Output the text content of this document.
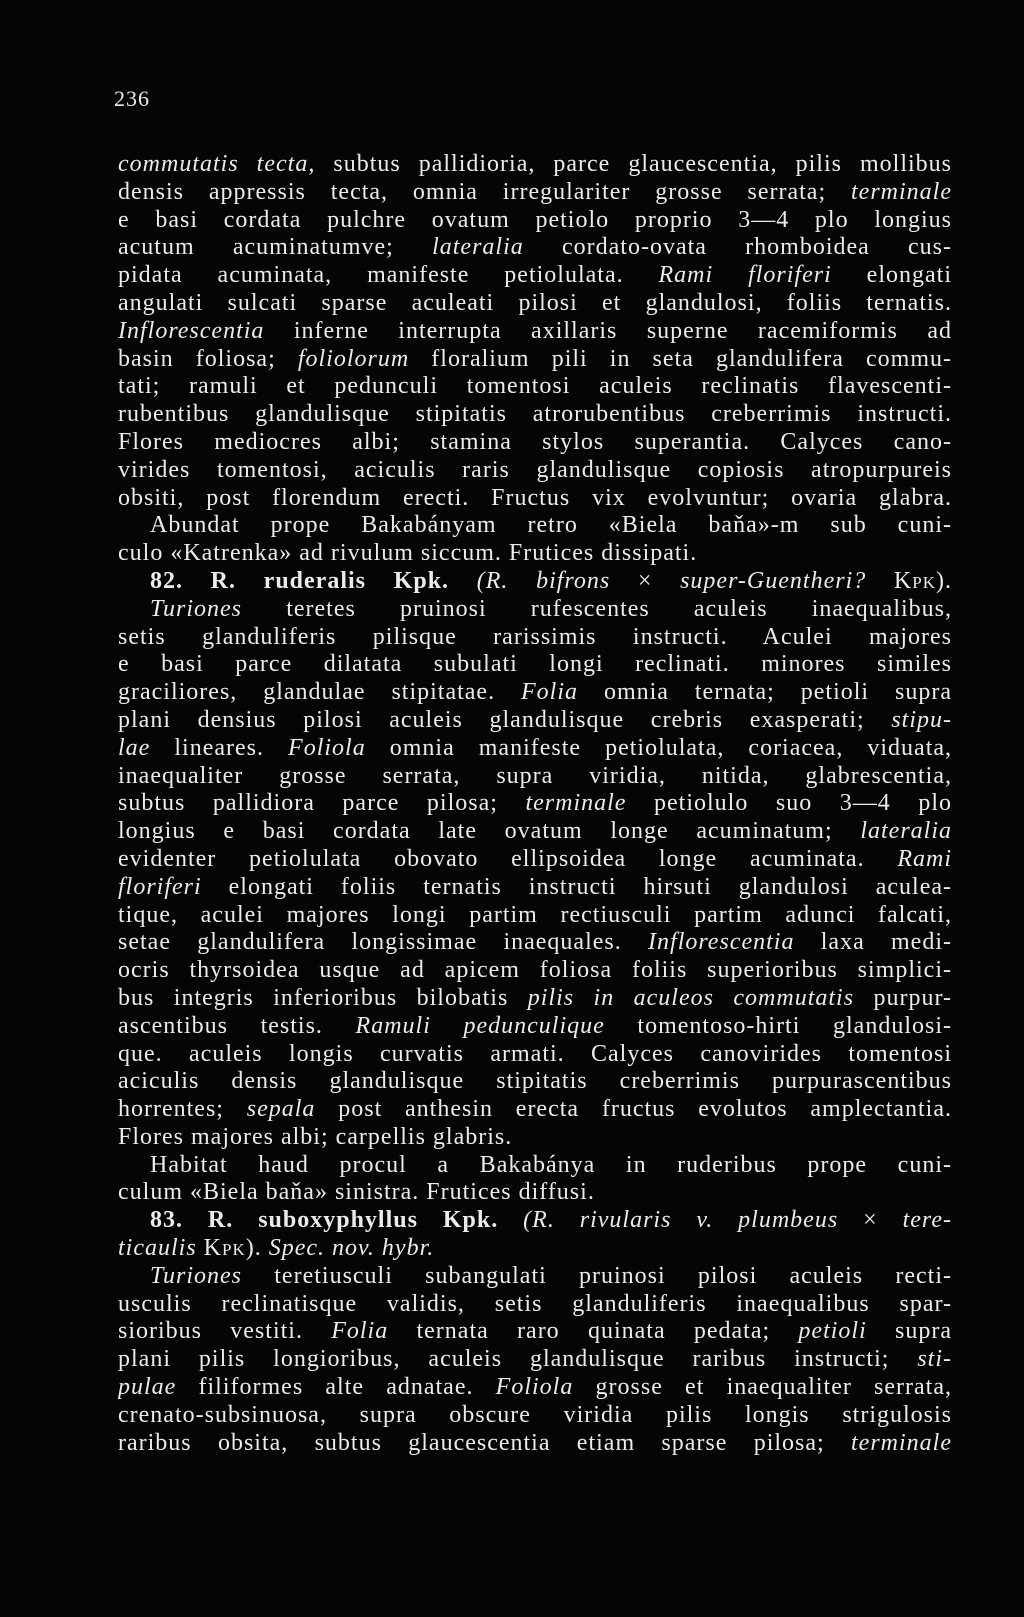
236
commutatis tecta, subtus pallidioria, parce glaucescentia, pilis mollibus
densis appressis tecta, omnia irregulariter grosse serrata; terminale
e basi cordata pulchre ovatum petiolo proprio 3—4 plo longius
acutum acuminatumve; lateralia cordato-ovata rhomboidea cus-
pidata acuminata, manifeste petiolulata. Rami floriferi elongati
angulati sulcati sparse aculeati pilosi et glandulosi, foliis ternatis.
Inflorescentia inferne interrupta axillaris superne racemiformis ad
basin foliosa; foliolorum floralium pili in seta glandulifera commu-
tati; ramuli et pedunculi tomentosi aculeis reclinatis flavescenti-
rubentibus glandulisque stipitatis atrorubentibus creberrimis instructi.
Flores mediocres albi; stamina stylos superantia. Calyces cano-
virides tomentosi, aciculis raris glandulisque copiosis atropurpureis
obsiti, post florendum erecti. Fructus vix evolvuntur; ovaria glabra.
Abundat prope Bakabányam retro «Biela baňa»-m sub cuni-
culo «Katrenka» ad rivulum siccum. Frutices dissipati.
82. R. ruderalis Kpk. (R. bifrons × super-Guentheri? Kpk).
Turiones teretes pruinosi rufescentes aculeis inaequalibus,
setis glanduliferis pilisque rarissimis instructi. Aculei majores
e basi parce dilatata subulati longi reclinati. minores similes
graciliores, glandulae stipitatae. Folia omnia ternata; petioli supra
plani densius pilosi aculeis glandulisque crebris exasperati; stipu-
lae lineares. Foliola omnia manifeste petiolulata, coriacea, viduata,
inaequaliter grosse serrata, supra viridia, nitida, glabrescentia,
subtus pallidiora parce pilosa; terminale petiolulo suo 3—4 plo
longius e basi cordata late ovatum longe acuminatum; lateralia
evidenter petiolulata obovato ellipsoidea longe acuminata. Rami
floriferi elongati foliis ternatis instructi hirsuti glandulosi aculea-
tique, aculei majores longi partim rectiusculi partim adunci falcati,
setae glandulifera longissimae inaequales. Inflorescentia laxa medi-
ocris thyrsoidea usque ad apicem foliosa foliis superioribus simplici-
bus integris inferioribus bilobatis pilis in aculeos commutatis purpur-
ascentibus testis. Ramuli pedunculique tomentoso-hirti glandulosi-
que. aculeis longis curvatis armati. Calyces canovirides tomentosi
aciculis densis glandulisque stipitatis creberrimis purpurascentibus
horrentes; sepala post anthesin erecta fructus evolutos amplectantia.
Flores majores albi; carpellis glabris.
Habitat haud procul a Bakabánya in ruderibus prope cuni-
culum «Biela baňa» sinistra. Frutices diffusi.
83. R. suboxyphyllus Kpk. (R. rivularis v. plumbeus × tere-
ticaulis Kpk). Spec. nov. hybr.
Turiones teretiusculi subangulati pruinosi pilosi aculeis recti-
usculis reclinatisque validis, setis glanduliferis inaequalibus spar-
sioribus vestiti. Folia ternata raro quinata pedata; petioli supra
plani pilis longioribus, aculeis glandulisque raribus instructi; sti-
pulae filiformes alte adnatae. Foliola grosse et inaequaliter serrata,
crenato-subsinuosa, supra obscure viridia pilis longis strigulosis
raribus obsita, subtus glaucescentia etiam sparse pilosa; terminale
